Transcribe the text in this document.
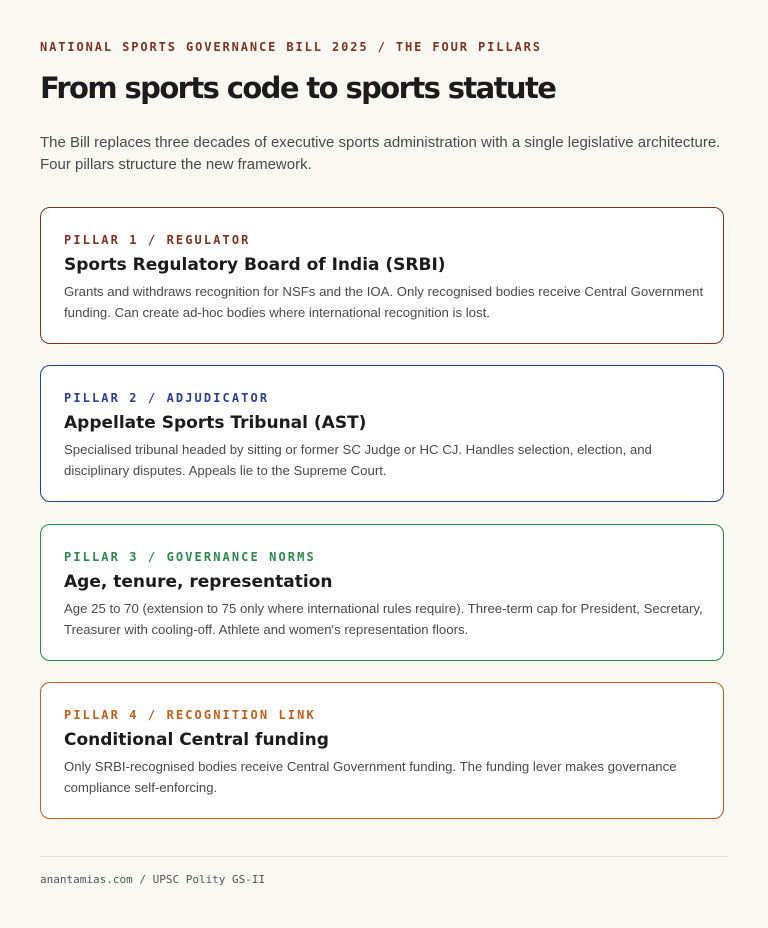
NATIONAL SPORTS GOVERNANCE BILL 2025 / THE FOUR PILLARS
From sports code to sports statute

The Bill replaces three decades of executive sports administration with a single legislative architecture. Four pillars structure the new framework.

PILLAR 1 / REGULATOR
Sports Regulatory Board of India (SRBI)

Grants and withdraws recognition for NSFs and the IOA. Only recognised bodies receive Central Government funding. Can create ad-hoc bodies where international recognition is lost.

PILLAR 2 / ADJUDICATOR
Appellate Sports Tribunal (AST)

Specialised tribunal headed by sitting or former SC Judge or HC CJ. Handles selection, election, and disciplinary disputes. Appeals lie to the Supreme Court.

PILLAR 3 / GOVERNANCE NORMS
Age, tenure, representation

Age 25 to 70 (extension to 75 only where international rules require). Three-term cap for President, Secretary, Treasurer with cooling-off. Athlete and women's representation floors.

PILLAR 4 / RECOGNITION LINK
Conditional Central funding

Only SRBI-recognised bodies receive Central Government funding. The funding lever makes governance compliance self-enforcing.

anantamias.com / UPSC Polity GS-II
